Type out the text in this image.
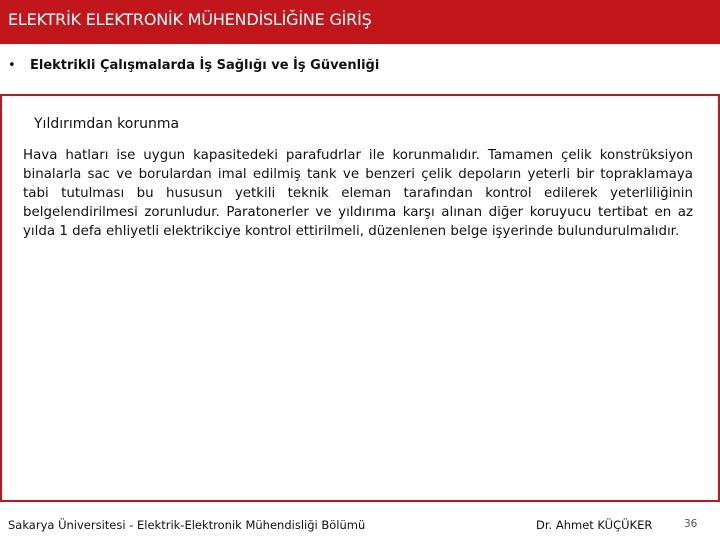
ELEKTRİK ELEKTRONİK MÜHENDİSLİĞİNE GİRİŞ
• Elektrikli Çalışmalarda İş Sağlığı ve İş Güvenliği
Yıldırımdan korunma
Hava hatları ise uygun kapasitedeki parafudrlar ile korunmalıdır. Tamamen çelik konstrüksiyon binalarla sac ve borulardan imal edilmiş tank ve benzeri çelik depoların yeterli bir topraklamaya tabi tutulması bu hususun yetkili teknik eleman tarafından kontrol edilerek yeterliliğinin belgelendirilmesi zorunludur. Paratonerler ve yıldırıma karşı alınan diğer koruyucu tertibat en az yılda 1 defa ehliyetli elektrikciye kontrol ettirilmeli, düzenlenen belge işyerinde bulundurulmalıdır.
Sakarya Üniversitesi - Elektrik-Elektronik Mühendisliği Bölümü	Dr. Ahmet KÜÇÜKER	36
